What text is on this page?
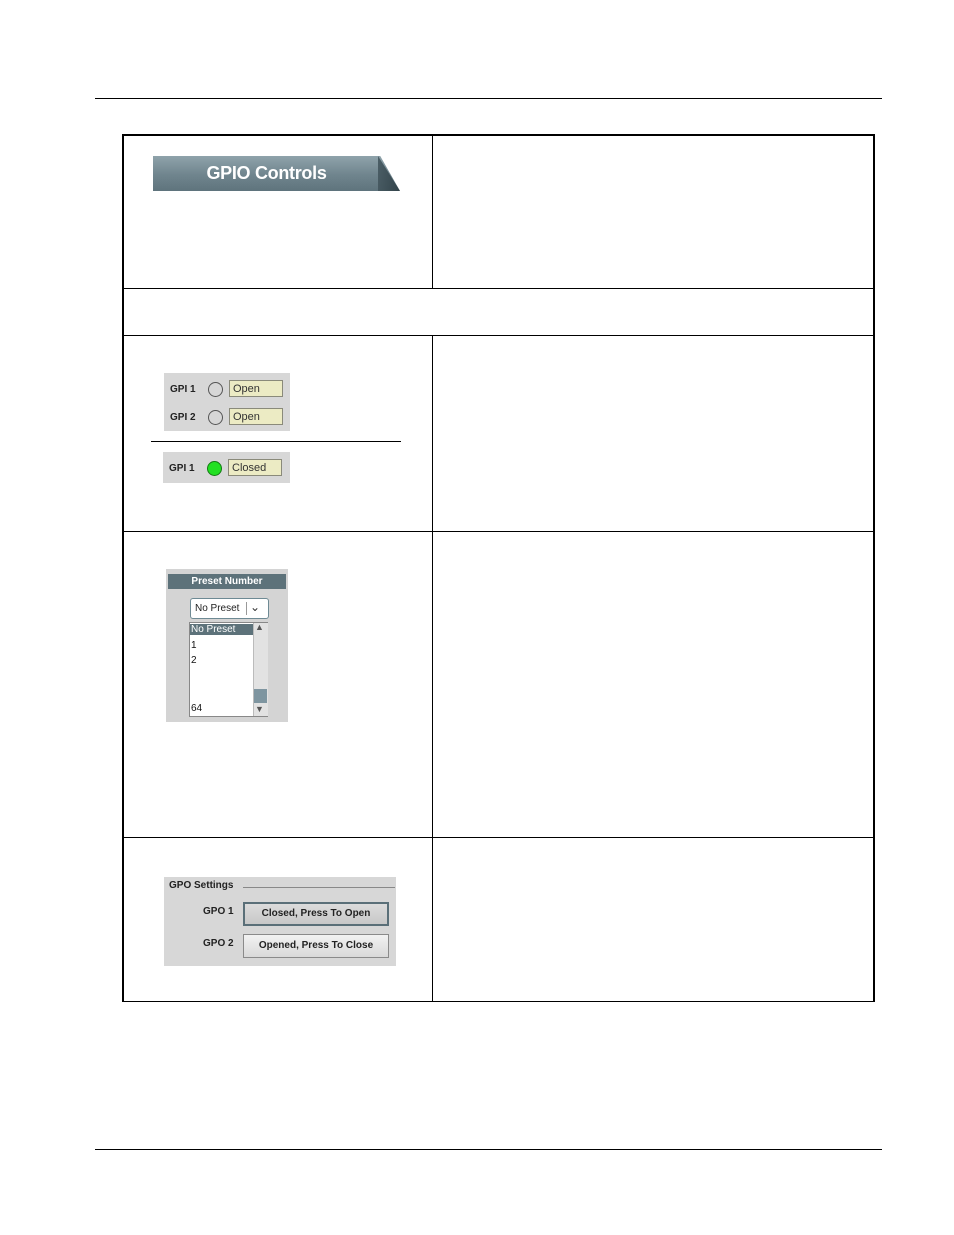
GPIO Controls
GPI 1	Open
GPI 2	Open
GPI 1	Closed
Preset Number
No Preset ⌄
No Preset
1
2
64
▲
▼
GPO Settings
GPO 1	Closed, Press To Open
GPO 2	Opened, Press To Close
